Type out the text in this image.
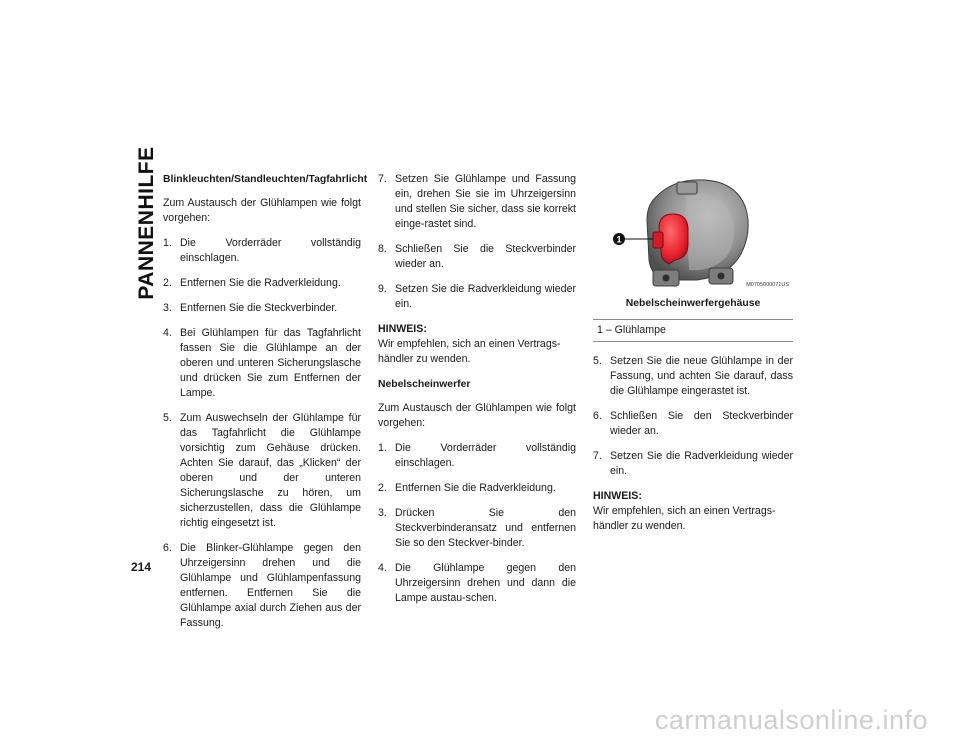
PANNENHILFE
214
Blinkleuchten/Standleuchten/Tagfahrlicht

Zum Austausch der Glühlampen wie folgt vorgehen:

1. Die Vorderräder vollständig einschlagen.
2. Entfernen Sie die Radverkleidung.
3. Entfernen Sie die Steckverbinder.
4. Bei Glühlampen für das Tagfahrlicht fassen Sie die Glühlampe an der oberen und unteren Sicherungslasche und drücken Sie zum Entfernen der Lampe.
5. Zum Auswechseln der Glühlampe für das Tagfahrlicht die Glühlampe vorsichtig zum Gehäuse drücken. Achten Sie darauf, das „Klicken“ der oberen und der unteren Sicherungslasche zu hören, um sicherzustellen, dass die Glühlampe richtig eingesetzt ist.
6. Die Blinker-Glühlampe gegen den Uhrzeigersinn drehen und die Glühlampe und Glühlampenfassung entfernen. Entfernen Sie die Glühlampe axial durch Ziehen aus der Fassung.
7. Setzen Sie Glühlampe und Fassung ein, drehen Sie sie im Uhrzeigersinn und stellen Sie sicher, dass sie korrekt einge-rastet sind.
8. Schließen Sie die Steckverbinder wieder an.
9. Setzen Sie die Radverkleidung wieder ein.

HINWEIS:
Wir empfehlen, sich an einen Vertrags-händler zu wenden.

Nebelscheinwerfer

Zum Austausch der Glühlampen wie folgt vorgehen:

1. Die Vorderräder vollständig einschlagen.
2. Entfernen Sie die Radverkleidung.
3. Drücken Sie den Steckverbinderansatz und entfernen Sie so den Steckver-binder.
4. Die Glühlampe gegen den Uhrzeigersinn drehen und dann die Lampe austau-schen.
1
M0705000071US
Nebelscheinwerfergehäuse
1 – Glühlampe
5. Setzen Sie die neue Glühlampe in der Fassung, und achten Sie darauf, dass die Glühlampe eingerastet ist.
6. Schließen Sie den Steckverbinder wieder an.
7. Setzen Sie die Radverkleidung wieder ein.

HINWEIS:
Wir empfehlen, sich an einen Vertrags-händler zu wenden.

carmanualsonline.info
